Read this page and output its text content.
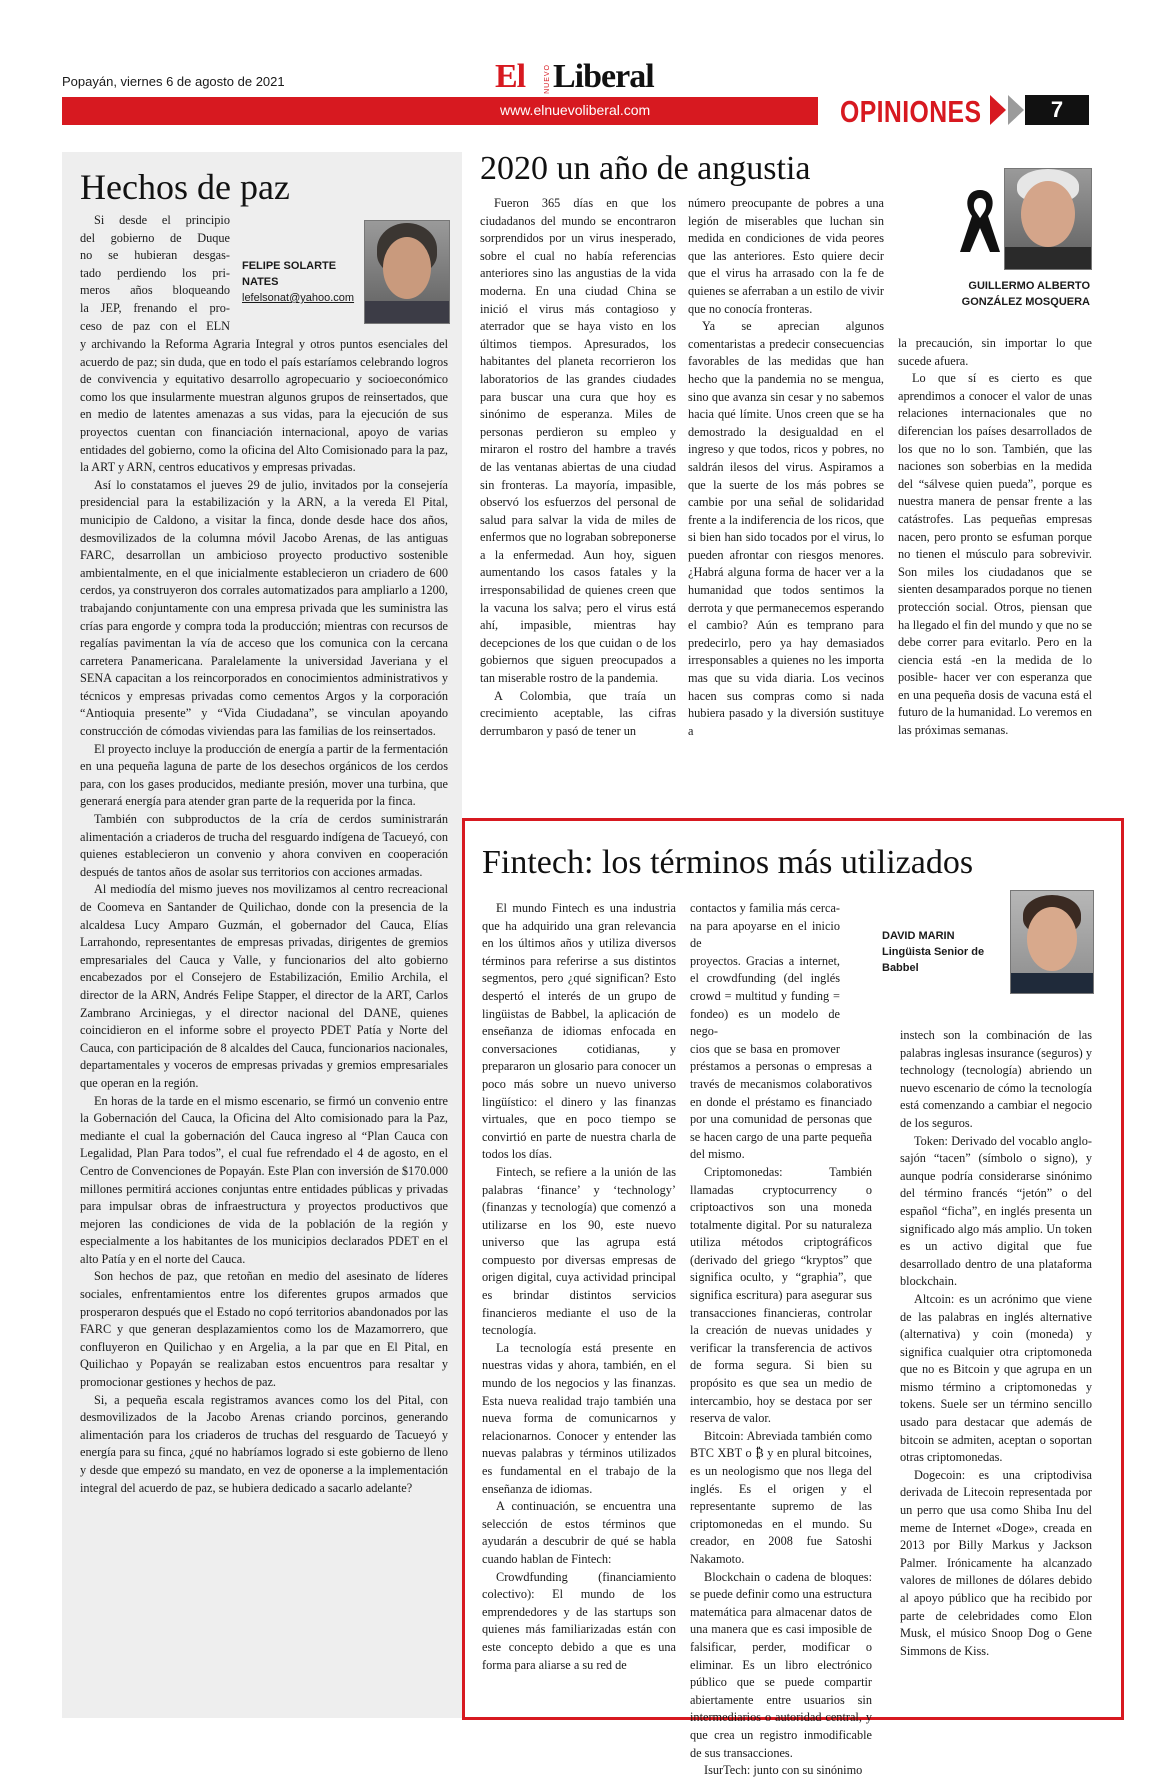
Popayán, viernes 6 de agosto de 2021	El	NUEVO Liberal
www.elnuevoliberal.com	OPINIONES	7
Hechos de paz
Si desde el principio
del gobierno de Duque
no se hubieran desgas-
tado perdiendo los pri-
meros años bloqueando
la JEP, frenando el pro-
ceso de paz con el ELN
FELIPE SOLARTE
NATES
lefelsonat@yahoo.com

y archivando la Reforma Agraria Integral y otros puntos esenciales del acuerdo de paz; sin duda, que en todo el país estaríamos celebrando logros de convivencia y equitativo desarrollo agropecuario y socioeconómico como los que insularmente muestran algunos grupos de reinsertados, que en medio de latentes amenazas a sus vidas, para la ejecución de sus proyectos cuentan con financiación internacional, apoyo de varias entidades del gobierno, como la oficina del Alto Comisionado para la paz, la ART y ARN, centros educativos y empresas privadas.

Así lo constatamos el jueves 29 de julio, invitados por la consejería presidencial para la estabilización y la ARN, a la vereda El Pital, municipio de Caldono, a visitar la finca, donde desde hace dos años, desmovilizados de la columna móvil Jacobo Arenas, de las antiguas FARC, desarrollan un ambicioso proyecto productivo sostenible ambientalmente, en el que inicialmente establecieron un criadero de 600 cerdos, ya construyeron dos corrales automatizados para ampliarlo a 1200, trabajando conjuntamente con una empresa privada que les suministra las crías para engorde y compra toda la producción; mientras con recursos de regalías pavimentan la vía de acceso que los comunica con la cercana carretera Panamericana. Paralelamente la universidad Javeriana y el SENA capacitan a los reincorporados en conocimientos administrativos y técnicos y empresas privadas como cementos Argos y la corporación “Antioquia presente” y “Vida Ciudadana”, se vinculan apoyando construcción de cómodas viviendas para las familias de los reinsertados.

El proyecto incluye la producción de energía a partir de la fermentación en una pequeña laguna de parte de los desechos orgánicos de los cerdos para, con los gases producidos, mediante presión, mover una turbina, que generará energía para atender gran parte de la requerida por la finca.

También con subproductos de la cría de cerdos suministrarán alimentación a criaderos de trucha del resguardo indígena de Tacueyó, con quienes establecieron un convenio y ahora conviven en cooperación después de tantos años de asolar sus territorios con acciones armadas.

Al mediodía del mismo jueves nos movilizamos al centro recreacional de Coomeva en Santander de Quilichao, donde con la presencia de la alcaldesa Lucy Amparo Guzmán, el gobernador del Cauca, Elías Larrahondo, representantes de empresas privadas, dirigentes de gremios empresariales del Cauca y Valle, y funcionarios del alto gobierno encabezados por el Consejero de Estabilización, Emilio Archila, el director de la ARN, Andrés Felipe Stapper, el director de la ART, Carlos Zambrano Arciniegas, y el director nacional del DANE, quienes coincidieron en el informe sobre el proyecto PDET Patía y Norte del Cauca, con participación de 8 alcaldes del Cauca, funcionarios nacionales, departamentales y voceros de empresas privadas y gremios empresariales que operan en la región.

En horas de la tarde en el mismo escenario, se firmó un convenio entre la Gobernación del Cauca, la Oficina del Alto comisionado para la Paz, mediante el cual la gobernación del Cauca ingreso al “Plan Cauca con Legalidad, Plan Para todos”, el cual fue refrendado el 4 de agosto, en el Centro de Convenciones de Popayán. Este Plan con inversión de $170.000 millones permitirá acciones conjuntas entre entidades públicas y privadas para impulsar obras de infraestructura y proyectos productivos que mejoren las condiciones de vida de la población de la región y especialmente a los habitantes de los municipios declarados PDET en el alto Patía y en el norte del Cauca.

Son hechos de paz, que retoñan en medio del asesinato de líderes sociales, enfrentamientos entre los diferentes grupos armados que prosperaron después que el Estado no copó territorios abandonados por las FARC y que generan desplazamientos como los de Mazamorrero, que confluyeron en Quilichao y en Argelia, a la par que en El Pital, en Quilichao y Popayán se realizaban estos encuentros para resaltar y promocionar gestiones y hechos de paz.

Si, a pequeña escala registramos avances como los del Pital, con desmovilizados de la Jacobo Arenas criando porcinos, generando alimentación para los criaderos de truchas del resguardo de Tacueyó y energía para su finca, ¿qué no habríamos logrado si este gobierno de lleno y desde que empezó su mandato, en vez de oponerse a la implementación integral del acuerdo de paz, se hubiera dedicado a sacarlo adelante?

2020 un año de angustia

Fueron 365 días en que los ciudadanos del mundo se encontraron sorprendidos por un virus inesperado, sobre el cual no había referencias anteriores sino las angustias de la vida moderna. En una ciudad China se inició el virus más contagioso y aterrador que se haya visto en los últimos tiempos. Apresurados, los habitantes del planeta recorrieron los laboratorios de las grandes ciudades para buscar una cura que hoy es sinónimo de esperanza. Miles de personas perdieron su empleo y miraron el rostro del hambre a través de las ventanas abiertas de una ciudad sin fronteras. La mayoría, impasible, observó los esfuerzos del personal de salud para salvar la vida de miles de enfermos que no lograban sobreponerse a la enfermedad. Aun hoy, siguen aumentando los casos fatales y la irresponsabilidad de quienes creen que la vacuna los salva; pero el virus está ahí, impasible, mientras hay decepciones de los que cuidan o de los gobiernos que siguen preocupados a tan miserable rostro de la pandemia.

A Colombia, que traía un crecimiento aceptable, las cifras derrumbaron y pasó de tener un

número preocupante de pobres a una legión de miserables que luchan sin medida en condiciones de vida peores que las anteriores. Esto quiere decir que el virus ha arrasado con la fe de quienes se aferraban a un estilo de vivir que no conocía fronteras.

Ya se aprecian algunos comentaristas a predecir consecuencias favorables de las medidas que han hecho que la pandemia no se mengua, sino que avanza sin cesar y no sabemos hacia qué límite. Unos creen que se ha demostrado la desigualdad en el ingreso y que todos, ricos y pobres, no saldrán ilesos del virus. Aspiramos a que la suerte de los más pobres se cambie por una señal de solidaridad frente a la indiferencia de los ricos, que si bien han sido tocados por el virus, lo pueden afrontar con riesgos menores. ¿Habrá alguna forma de hacer ver a la humanidad que todos sentimos la derrota y que permanecemos esperando el cambio? Aún es temprano para predecirlo, pero ya hay demasiados irresponsables a quienes no les importa mas que su vida diaria. Los vecinos hacen sus compras como si nada hubiera pasado y la diversión sustituye a

la precaución, sin importar lo que sucede afuera.

Lo que sí es cierto es que aprendimos a conocer el valor de unas relaciones internacionales que no diferencian los países desarrollados de los que no lo son. También, que las naciones son soberbias en la medida del “sálvese quien pueda”, porque es nuestra manera de pensar frente a las catástrofes. Las pequeñas empresas nacen, pero pronto se esfuman porque no tienen el músculo para sobrevivir. Son miles los ciudadanos que se sienten desamparados porque no tienen protección social. Otros, piensan que ha llegado el fin del mundo y que no se debe correr para evitarlo. Pero en la ciencia está -en la medida de lo posible- hacer ver con esperanza que en una pequeña dosis de vacuna está el futuro de la humanidad. Lo veremos en las próximas semanas.

GUILLERMO ALBERTO
GONZÁLEZ MOSQUERA
Fintech: los términos más utilizados

El mundo Fintech es una industria que ha adquirido una gran relevancia en los últimos años y utiliza diversos términos para referirse a sus distintos segmentos, pero ¿qué significan? Esto despertó el interés de un grupo de lingüistas de Babbel, la aplicación de enseñanza de idiomas enfocada en conversaciones cotidianas, y prepararon un glosario para conocer un poco más sobre un nuevo universo lingüístico: el dinero y las finanzas virtuales, que en poco tiempo se convirtió en parte de nuestra charla de todos los días.

Fintech, se refiere a la unión de las palabras ‘finance’ y ‘technology’ (finanzas y tecnología) que comenzó a utilizarse en los 90, este nuevo universo que las agrupa está compuesto por diversas empresas de origen digital, cuya actividad principal es brindar distintos servicios financieros mediante el uso de la tecnología.

La tecnología está presente en nuestras vidas y ahora, también, en el mundo de los negocios y las finanzas. Esta nueva realidad trajo también una nueva forma de comunicarnos y relacionarnos. Conocer y entender las nuevas palabras y términos utilizados es fundamental en el trabajo de la enseñanza de idiomas.

A continuación, se encuentra una selección de estos términos que ayudarán a descubrir de qué se habla cuando hablan de Fintech:

Crowdfunding (financiamiento colectivo): El mundo de los emprendedores y de las startups son quienes más familiarizadas están con este concepto debido a que es una forma para aliarse a su red de

contactos y familia más cerca-
na para apoyarse en el inicio de
proyectos. Gracias a internet,
el crowdfunding (del inglés
crowd = multitud y funding =
fondeo) es un modelo de nego-
cios que se basa en promover

préstamos a personas o empresas a través de mecanismos colaborativos en donde el préstamo es financiado por una comunidad de personas que se hacen cargo de una parte pequeña del mismo.

Criptomonedas: También llamadas cryptocurrency o criptoactivos son una moneda totalmente digital. Por su naturaleza utiliza métodos criptográficos (derivado del griego “kryptos” que significa oculto, y “graphia”, que significa escritura) para asegurar sus transacciones financieras, controlar la creación de nuevas unidades y verificar la transferencia de activos de forma segura. Si bien su propósito es que sea un medio de intercambio, hoy se destaca por ser reserva de valor.

Bitcoin: Abreviada también como BTC XBT o ₿ y en plural bitcoines, es un neologismo que nos llega del inglés. Es el origen y el representante supremo de las criptomonedas en el mundo. Su creador, en 2008 fue Satoshi Nakamoto.

Blockchain o cadena de bloques: se puede definir como una estructura matemática para almacenar datos de una manera que es casi imposible de falsificar, perder, modificar o eliminar. Es un libro electrónico público que se puede compartir abiertamente entre usuarios sin intermediarios o autoridad central, y que crea un registro inmodificable de sus transacciones.

IsurTech: junto con su sinónimo

instech son la combinación de las palabras inglesas insurance (seguros) y technology (tecnología) abriendo un nuevo escenario de cómo la tecnología está comenzando a cambiar el negocio de los seguros.

Token: Derivado del vocablo anglo-sajón “tacen” (símbolo o signo), y aunque podría considerarse sinónimo del término francés “jetón” o del español “ficha”, en inglés presenta un significado algo más amplio. Un token es un activo digital que fue desarrollado dentro de una plataforma blockchain.

Altcoin: es un acrónimo que viene de las palabras en inglés alternative (alternativa) y coin (moneda) y significa cualquier otra criptomoneda que no es Bitcoin y que agrupa en un mismo término a criptomonedas y tokens. Suele ser un término sencillo usado para destacar que además de bitcoin se admiten, aceptan o soportan otras criptomonedas.

Dogecoin: es una criptodivisa derivada de Litecoin representada por un perro que usa como Shiba Inu del meme de Internet «Doge», creada en 2013 por Billy Markus y Jackson Palmer. Irónicamente ha alcanzado valores de millones de dólares debido al apoyo público que ha recibido por parte de celebridades como Elon Musk, el músico Snoop Dog o Gene Simmons de Kiss.

DAVID MARIN
Lingüista Senior de
Babbel
